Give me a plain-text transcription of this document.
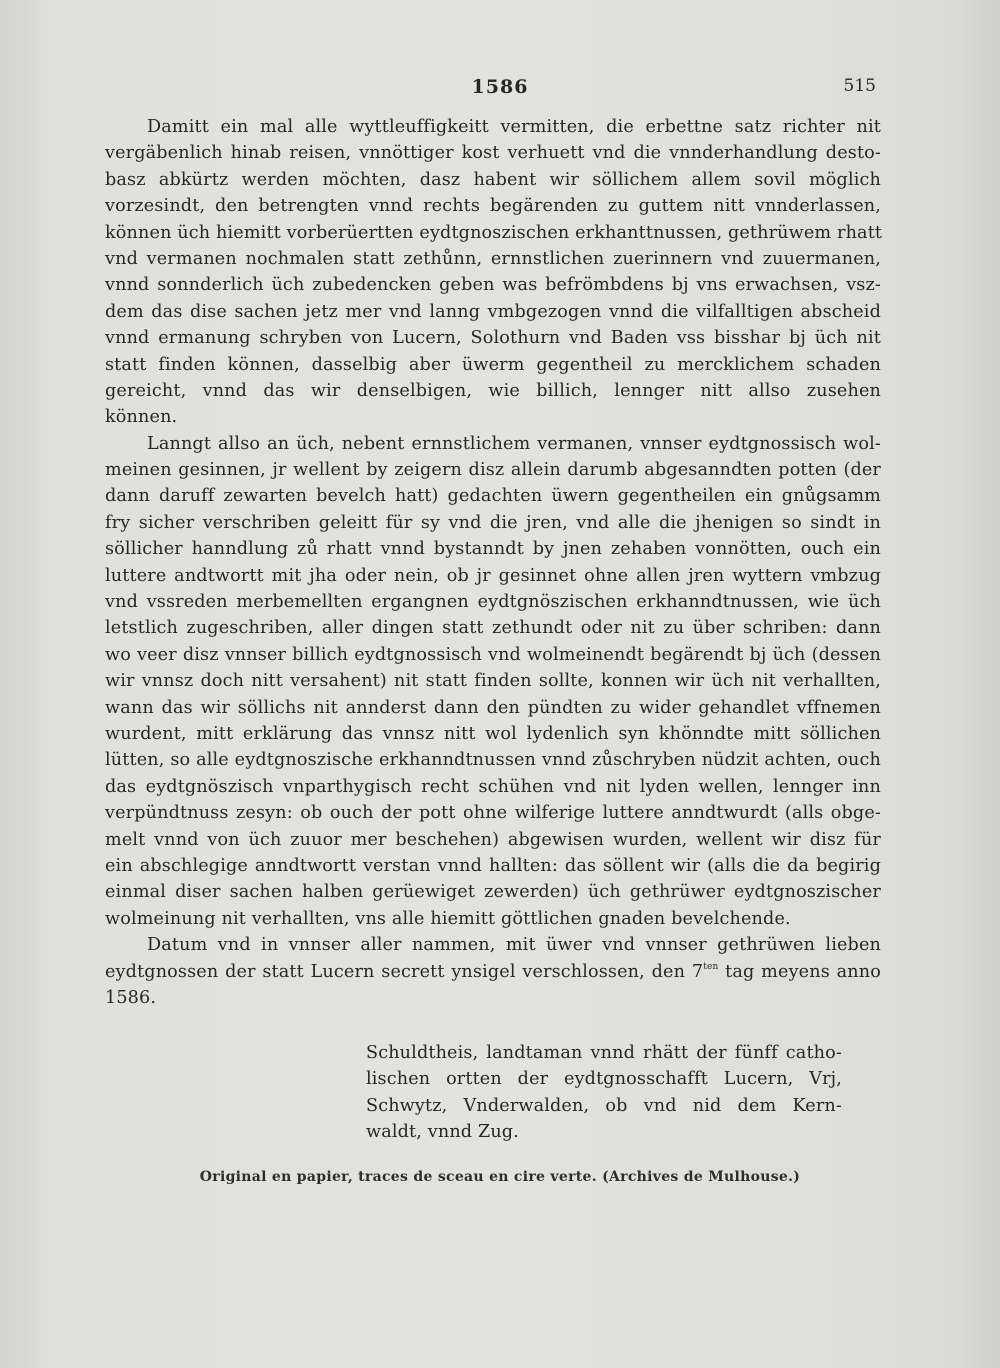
1586	515
Damitt ein mal alle wyttleuffigkeitt vermitten, die erbettne satz richter nit
vergäbenlich hinab reisen, vnnöttiger kost verhuett vnd die vnnderhandlung desto-
basz abkürtz werden möchten, dasz habent wir söllichem allem sovil möglich
vorzesindt, den betrengten vnnd rechts begärenden zu guttem nitt vnnderlassen,
können üch hiemitt vorberüertten eydtgnoszischen erkhanttnussen, gethrüwem rhatt
vnd vermanen nochmalen statt zethůnn, ernnstlichen zuerinnern vnd zuuermanen,
vnnd sonnderlich üch zubedencken geben was befrömbdens bj vns erwachsen, vsz-
dem das dise sachen jetz mer vnd lanng vmbgezogen vnnd die vilfalltigen abscheid
vnnd ermanung schryben von Lucern, Solothurn vnd Baden vss bisshar bj üch nit
statt finden können, dasselbig aber üwerm gegentheil zu mercklichem schaden
gereicht, vnnd das wir denselbigen, wie billich, lennger nitt allso zusehen
können.
Lanngt allso an üch, nebent ernnstlichem vermanen, vnnser eydtgnossisch wol-
meinen gesinnen, jr wellent by zeigern disz allein darumb abgesanndten potten (der
dann daruff zewarten bevelch hatt) gedachten üwern gegentheilen ein gnůgsamm
fry sicher verschriben geleitt für sy vnd die jren, vnd alle die jhenigen so sindt in
söllicher hanndlung zů rhatt vnnd bystanndt by jnen zehaben vonnötten, ouch ein
luttere andtwortt mit jha oder nein, ob jr gesinnet ohne allen jren wyttern vmbzug
vnd vssreden merbemellten ergangnen eydtgnöszischen erkhanndtnussen, wie üch
letstlich zugeschriben, aller dingen statt zethundt oder nit zu über schriben: dann
wo veer disz vnnser billich eydtgnossisch vnd wolmeinendt begärendt bj üch (dessen
wir vnnsz doch nitt versahent) nit statt finden sollte, konnen wir üch nit verhallten,
wann das wir söllichs nit annderst dann den pündten zu wider gehandlet vffnemen
wurdent, mitt erklärung das vnnsz nitt wol lydenlich syn khönndte mitt söllichen
lütten, so alle eydtgnoszische erkhanndtnussen vnnd zůschryben nüdzit achten, ouch
das eydtgnöszisch vnparthygisch recht schühen vnd nit lyden wellen, lennger inn
verpündtnuss zesyn: ob ouch der pott ohne wilferige luttere anndtwurdt (alls obge-
melt vnnd von üch zuuor mer beschehen) abgewisen wurden, wellent wir disz für
ein abschlegige anndtwortt verstan vnnd hallten: das söllent wir (alls die da begirig
einmal diser sachen halben gerüewiget zewerden) üch gethrüwer eydtgnoszischer
wolmeinung nit verhallten, vns alle hiemitt göttlichen gnaden bevelchende.
Datum vnd in vnnser aller nammen, mit üwer vnd vnnser gethrüwen lieben
eydtgnossen der statt Lucern secrett ynsigel verschlossen, den $7^{ten}$ tag meyens anno
1586.
Schuldtheis, landtaman vnnd rhätt der fünff catho-
lischen ortten der eydtgnosschafft Lucern, Vrj,
Schwytz, Vnderwalden, ob vnd nid dem Kern-
waldt, vnnd Zug.
Original en papier, traces de sceau en cire verte. (Archives de Mulhouse.)
